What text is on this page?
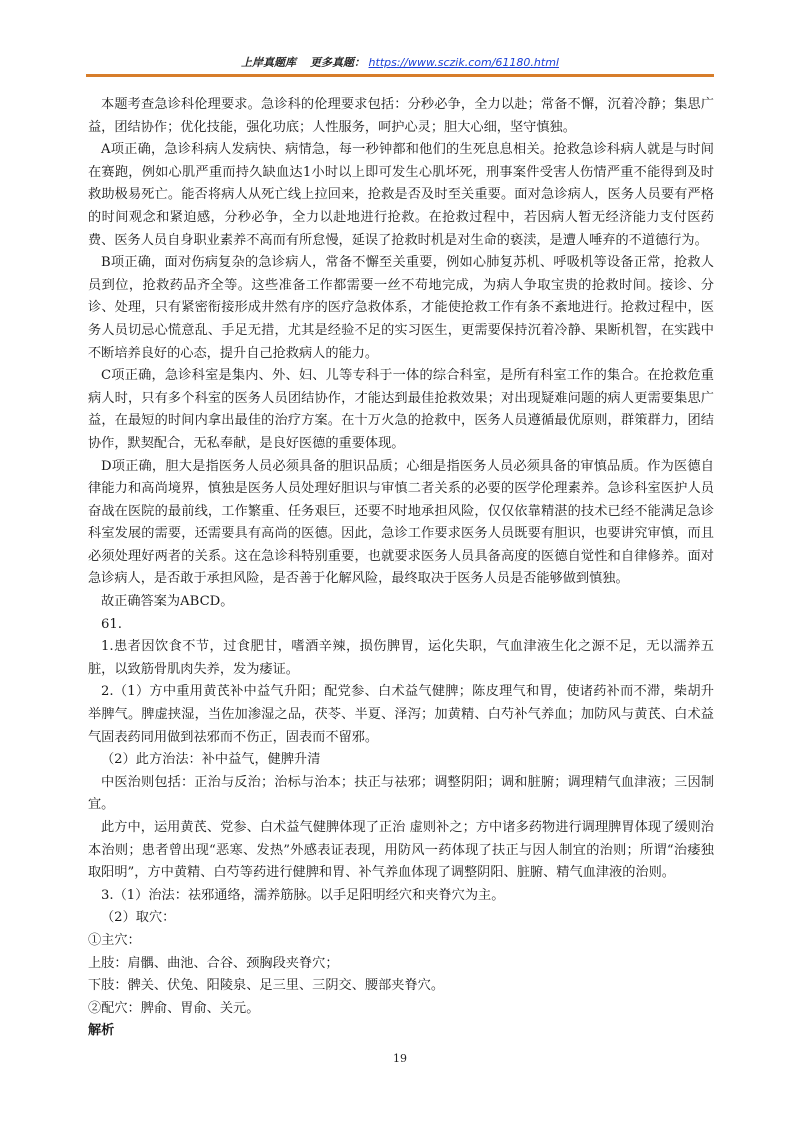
上岸真题库 更多真题： https://www.sczik.com/61180.html

本题考查急诊科伦理要求。急诊科的伦理要求包括：分秒必争，全力以赴；常备不懈，沉着冷静；集思广益，团结协作；优化技能，强化功底；人性服务，呵护心灵；胆大心细，坚守慎独。

A项正确，急诊科病人发病快、病情急，每一秒钟都和他们的生死息息相关。抢救急诊科病人就是与时间在赛跑，例如心肌严重而持久缺血达1小时以上即可发生心肌坏死，刑事案件受害人伤情严重不能得到及时救助极易死亡。能否将病人从死亡线上拉回来，抢救是否及时至关重要。面对急诊病人，医务人员要有严格的时间观念和紧迫感，分秒必争，全力以赴地进行抢救。在抢救过程中，若因病人暂无经济能力支付医药费、医务人员自身职业素养不高而有所怠慢，延误了抢救时机是对生命的亵渎，是遭人唾弃的不道德行为。

B项正确，面对伤病复杂的急诊病人，常备不懈至关重要，例如心肺复苏机、呼吸机等设备正常，抢救人员到位，抢救药品齐全等。这些准备工作都需要一丝不苟地完成，为病人争取宝贵的抢救时间。接诊、分诊、处理，只有紧密衔接形成井然有序的医疗急救体系，才能使抢救工作有条不紊地进行。抢救过程中，医务人员切忌心慌意乱、手足无措，尤其是经验不足的实习医生，更需要保持沉着冷静、果断机智，在实践中不断培养良好的心态，提升自己抢救病人的能力。

C项正确，急诊科室是集内、外、妇、儿等专科于一体的综合科室，是所有科室工作的集合。在抢救危重病人时，只有多个科室的医务人员团结协作，才能达到最佳抢救效果；对出现疑难问题的病人更需要集思广益，在最短的时间内拿出最佳的治疗方案。在十万火急的抢救中，医务人员遵循最优原则，群策群力，团结协作，默契配合，无私奉献，是良好医德的重要体现。

D项正确，胆大是指医务人员必须具备的胆识品质；心细是指医务人员必须具备的审慎品质。作为医德自律能力和高尚境界，慎独是医务人员处理好胆识与审慎二者关系的必要的医学伦理素养。急诊科室医护人员奋战在医院的最前线，工作繁重、任务艰巨，还要不时地承担风险，仅仅依靠精湛的技术已经不能满足急诊科室发展的需要，还需要具有高尚的医德。因此，急诊工作要求医务人员既要有胆识，也要讲究审慎，而且必须处理好两者的关系。这在急诊科特别重要，也就要求医务人员具备高度的医德自觉性和自律修养。面对急诊病人，是否敢于承担风险，是否善于化解风险，最终取决于医务人员是否能够做到慎独。

故正确答案为ABCD。

61.

1.患者因饮食不节，过食肥甘，嗜酒辛辣，损伤脾胃，运化失职，气血津液生化之源不足，无以濡养五脏，以致筋骨肌肉失养，发为痿证。

2.（1）方中重用黄芪补中益气升阳；配党参、白术益气健脾；陈皮理气和胃，使诸药补而不滞，柴胡升举脾气。脾虚挟湿，当佐加渗湿之品，茯苓、半夏、泽泻；加黄精、白芍补气养血；加防风与黄芪、白术益气固表药同用做到祛邪而不伤正，固表而不留邪。

（2）此方治法：补中益气，健脾升清

中医治则包括：正治与反治；治标与治本；扶正与祛邪；调整阴阳；调和脏腑；调理精气血津液；三因制宜。

此方中，运用黄芪、党参、白术益气健脾体现了正治 虚则补之；方中诸多药物进行调理脾胃体现了缓则治本治则；患者曾出现“恶寒、发热”外感表证表现，用防风一药体现了扶正与因人制宜的治则；所谓“治痿独取阳明”，方中黄精、白芍等药进行健脾和胃、补气养血体现了调整阴阳、脏腑、精气血津液的治则。

3.（1）治法：祛邪通络，濡养筋脉。以手足阳明经穴和夹脊穴为主。

（2）取穴：

①主穴：

上肢：肩髃、曲池、合谷、颈胸段夹脊穴；

下肢：髀关、伏兔、阳陵泉、足三里、三阴交、腰部夹脊穴。

②配穴：脾俞、胃俞、关元。

解析

19
